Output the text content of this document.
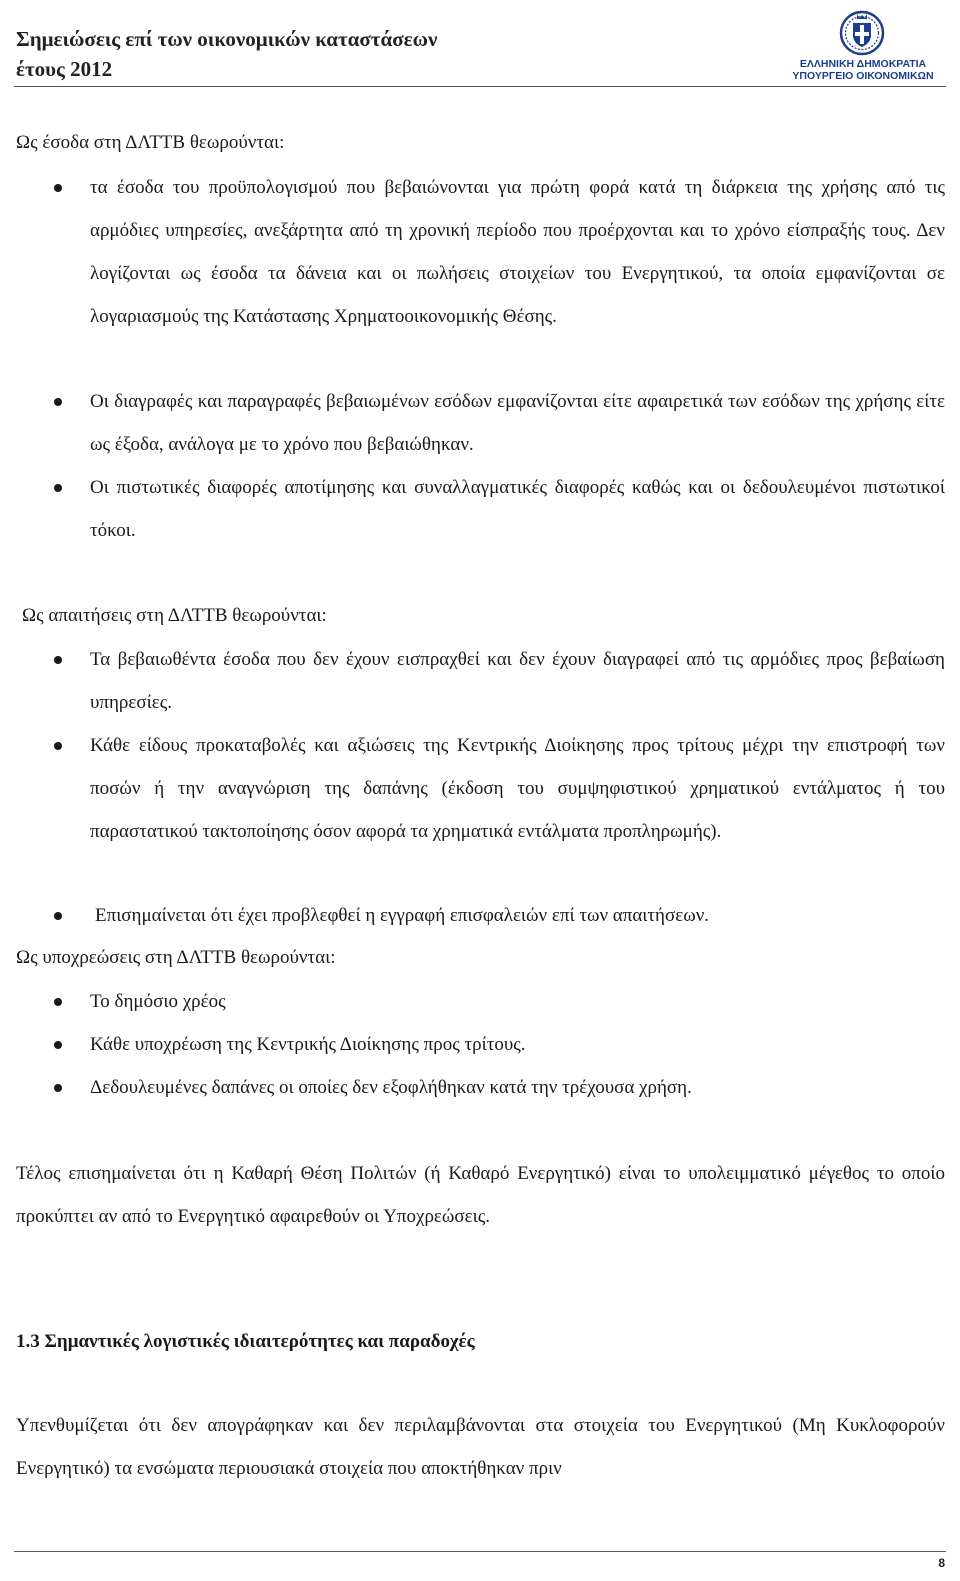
Σημειώσεις επί των οικονομικών καταστάσεων
έτους 2012	ΕΛΛΗΝΙΚΗ ΔΗΜΟΚΡΑΤΙΑ
ΥΠΟΥΡΓΕΙΟ ΟΙΚΟΝΟΜΙΚΩΝ

Ως έσοδα στη ΔΛΤΤΒ θεωρούνται:

τα έσοδα του προϋπολογισμού που βεβαιώνονται για πρώτη φορά κατά τη διάρκεια της χρήσης από τις αρμόδιες υπηρεσίες, ανεξάρτητα από τη χρονική περίοδο που προέρχονται και το χρόνο είσπραξής τους. Δεν λογίζονται ως έσοδα τα δάνεια και οι πωλήσεις στοιχείων του Ενεργητικού, τα οποία εμφανίζονται σε λογαριασμούς της Κατάστασης Χρηματοοικονομικής Θέσης.

Οι διαγραφές και παραγραφές βεβαιωμένων εσόδων εμφανίζονται είτε αφαιρετικά των εσόδων της χρήσης είτε ως έξοδα, ανάλογα με το χρόνο που βεβαιώθηκαν.

Οι πιστωτικές διαφορές αποτίμησης και συναλλαγματικές διαφορές καθώς και οι δεδουλευμένοι πιστωτικοί τόκοι.

Ως απαιτήσεις στη ΔΛΤΤΒ θεωρούνται:

Τα βεβαιωθέντα έσοδα που δεν έχουν εισπραχθεί και δεν έχουν διαγραφεί από τις αρμόδιες προς βεβαίωση υπηρεσίες.

Κάθε είδους προκαταβολές και αξιώσεις της Κεντρικής Διοίκησης προς τρίτους μέχρι την επιστροφή των ποσών ή την αναγνώριση της δαπάνης (έκδοση του συμψηφιστικού χρηματικού εντάλματος ή του παραστατικού τακτοποίησης όσον αφορά τα χρηματικά εντάλματα προπληρωμής).

Επισημαίνεται ότι έχει προβλεφθεί η εγγραφή επισφαλειών επί των απαιτήσεων.

Ως υποχρεώσεις στη ΔΛΤΤΒ θεωρούνται:

Το δημόσιο χρέος

Κάθε υποχρέωση της Κεντρικής Διοίκησης προς τρίτους.

Δεδουλευμένες δαπάνες οι οποίες δεν εξοφλήθηκαν κατά την τρέχουσα χρήση.

Τέλος επισημαίνεται ότι η Καθαρή Θέση Πολιτών (ή Καθαρό Ενεργητικό) είναι το υπολειμματικό μέγεθος το οποίο προκύπτει αν από το Ενεργητικό αφαιρεθούν οι Υποχρεώσεις.

1.3 Σημαντικές λογιστικές ιδιαιτερότητες και παραδοχές

Υπενθυμίζεται ότι δεν απογράφηκαν και δεν περιλαμβάνονται στα στοιχεία του Ενεργητικού (Μη Κυκλοφορούν Ενεργητικό) τα ενσώματα περιουσιακά στοιχεία που αποκτήθηκαν πριν

8
